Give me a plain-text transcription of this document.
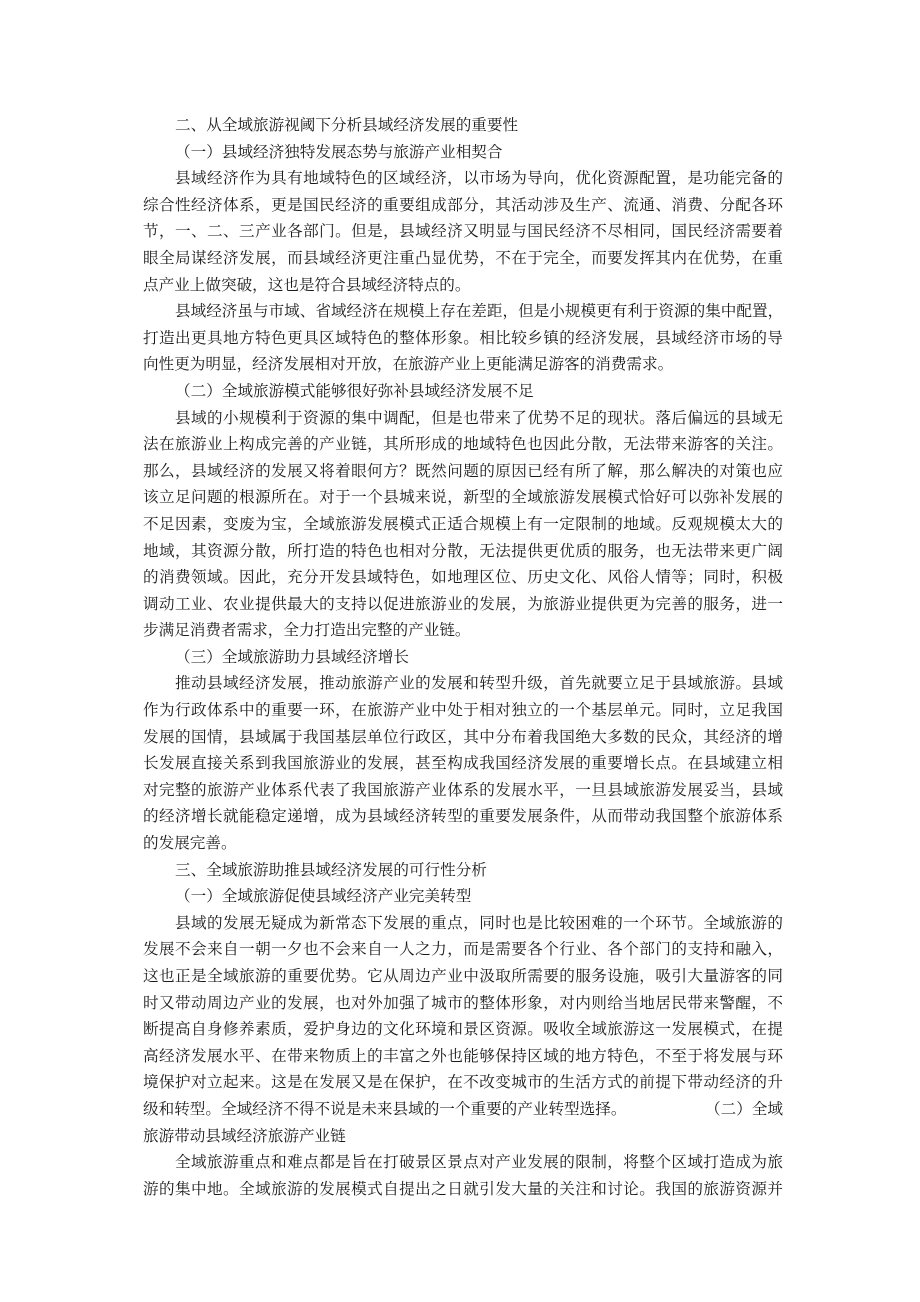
二、从全域旅游视阈下分析县域经济发展的重要性

（一）县域经济独特发展态势与旅游产业相契合

县域经济作为具有地域特色的区域经济，以市场为导向，优化资源配置，是功能完备的

综合性经济体系，更是国民经济的重要组成部分，其活动涉及生产、流通、消费、分配各环

节，一、二、三产业各部门。但是，县域经济又明显与国民经济不尽相同，国民经济需要着

眼全局谋经济发展，而县域经济更注重凸显优势，不在于完全，而要发挥其内在优势，在重

点产业上做突破，这也是符合县域经济特点的。

县域经济虽与市域、省域经济在规模上存在差距，但是小规模更有利于资源的集中配置，

打造出更具地方特色更具区域特色的整体形象。相比较乡镇的经济发展，县域经济市场的导

向性更为明显，经济发展相对开放，在旅游产业上更能满足游客的消费需求。

（二）全域旅游模式能够很好弥补县域经济发展不足

县域的小规模利于资源的集中调配，但是也带来了优势不足的现状。落后偏远的县域无

法在旅游业上构成完善的产业链，其所形成的地域特色也因此分散，无法带来游客的关注。

那么，县域经济的发展又将着眼何方？既然问题的原因已经有所了解，那么解决的对策也应

该立足问题的根源所在。对于一个县城来说，新型的全域旅游发展模式恰好可以弥补发展的

不足因素，变废为宝，全域旅游发展模式正适合规模上有一定限制的地域。反观规模太大的

地域，其资源分散，所打造的特色也相对分散，无法提供更优质的服务，也无法带来更广阔

的消费领域。因此，充分开发县域特色，如地理区位、历史文化、风俗人情等；同时，积极

调动工业、农业提供最大的支持以促进旅游业的发展，为旅游业提供更为完善的服务，进一

步满足消费者需求，全力打造出完整的产业链。

（三）全域旅游助力县域经济增长

推动县域经济发展，推动旅游产业的发展和转型升级，首先就要立足于县域旅游。县域

作为行政体系中的重要一环，在旅游产业中处于相对独立的一个基层单元。同时，立足我国

发展的国情，县域属于我国基层单位行政区，其中分布着我国绝大多数的民众，其经济的增

长发展直接关系到我国旅游业的发展，甚至构成我国经济发展的重要增长点。在县域建立相

对完整的旅游产业体系代表了我国旅游产业体系的发展水平，一旦县域旅游发展妥当，县域

的经济增长就能稳定递增，成为县域经济转型的重要发展条件，从而带动我国整个旅游体系

的发展完善。

三、全域旅游助推县域经济发展的可行性分析

（一）全域旅游促使县域经济产业完美转型

县域的发展无疑成为新常态下发展的重点，同时也是比较困难的一个环节。全域旅游的

发展不会来自一朝一夕也不会来自一人之力，而是需要各个行业、各个部门的支持和融入，

这也正是全域旅游的重要优势。它从周边产业中汲取所需要的服务设施，吸引大量游客的同

时又带动周边产业的发展，也对外加强了城市的整体形象，对内则给当地居民带来警醒，不

断提高自身修养素质，爱护身边的文化环境和景区资源。吸收全域旅游这一发展模式，在提

高经济发展水平、在带来物质上的丰富之外也能够保持区域的地方特色，不至于将发展与环

境保护对立起来。这是在发展又是在保护，在不改变城市的生活方式的前提下带动经济的升

级和转型。全域经济不得不说是未来县域的一个重要的产业转型选择。	（二）全域

旅游带动县域经济旅游产业链

全域旅游重点和难点都是旨在打破景区景点对产业发展的限制，将整个区域打造成为旅

游的集中地。全域旅游的发展模式自提出之日就引发大量的关注和讨论。我国的旅游资源并
